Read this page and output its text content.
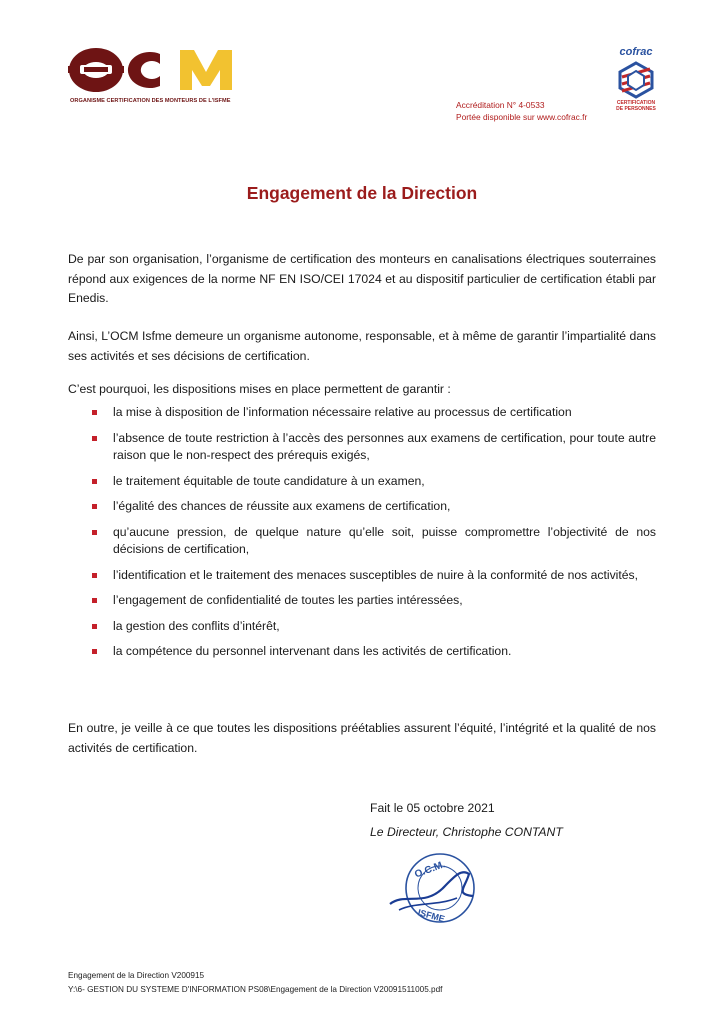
ORGANISME CERTIFICATION DES MONTEURS DE L'ISFME	Accréditation N° 4-0533
Portée disponible sur www.cofrac.fr
cofrac
CERTIFICATION
DE PERSONNES
Engagement de la Direction

De par son organisation, l’organisme de certification des monteurs en canalisations électriques souterraines répond aux exigences de la norme NF EN ISO/CEI 17024 et au dispositif particulier de certification établi par Enedis.

Ainsi, L’OCM Isfme demeure un organisme autonome, responsable, et à même de garantir l’impartialité dans ses activités et ses décisions de certification.

C’est pourquoi, les dispositions mises en place permettent de garantir :

la mise à disposition de l’information nécessaire relative au processus de certification
l’absence de toute restriction à l’accès des personnes aux examens de certification, pour toute autre raison que le non-respect des prérequis exigés,
le traitement équitable de toute candidature à un examen,
l’égalité des chances de réussite aux examens de certification,
qu’aucune pression, de quelque nature qu’elle soit, puisse compromettre l’objectivité de nos décisions de certification,
l’identification et le traitement des menaces susceptibles de nuire à la conformité de nos activités,
l’engagement de confidentialité de toutes les parties intéressées,
la gestion des conflits d’intérêt,
la compétence du personnel intervenant dans les activités de certification.

En outre, je veille à ce que toutes les dispositions préétablies assurent l’équité, l’intégrité et la qualité de nos activités de certification.

Fait le 05 octobre 2021
Le Directeur, Christophe CONTANT
O.C.M.
ISFME
Engagement de la Direction V200915
Y:\6- GESTION DU SYSTEME D'INFORMATION PS08\Engagement de la Direction V20091511005.pdf
